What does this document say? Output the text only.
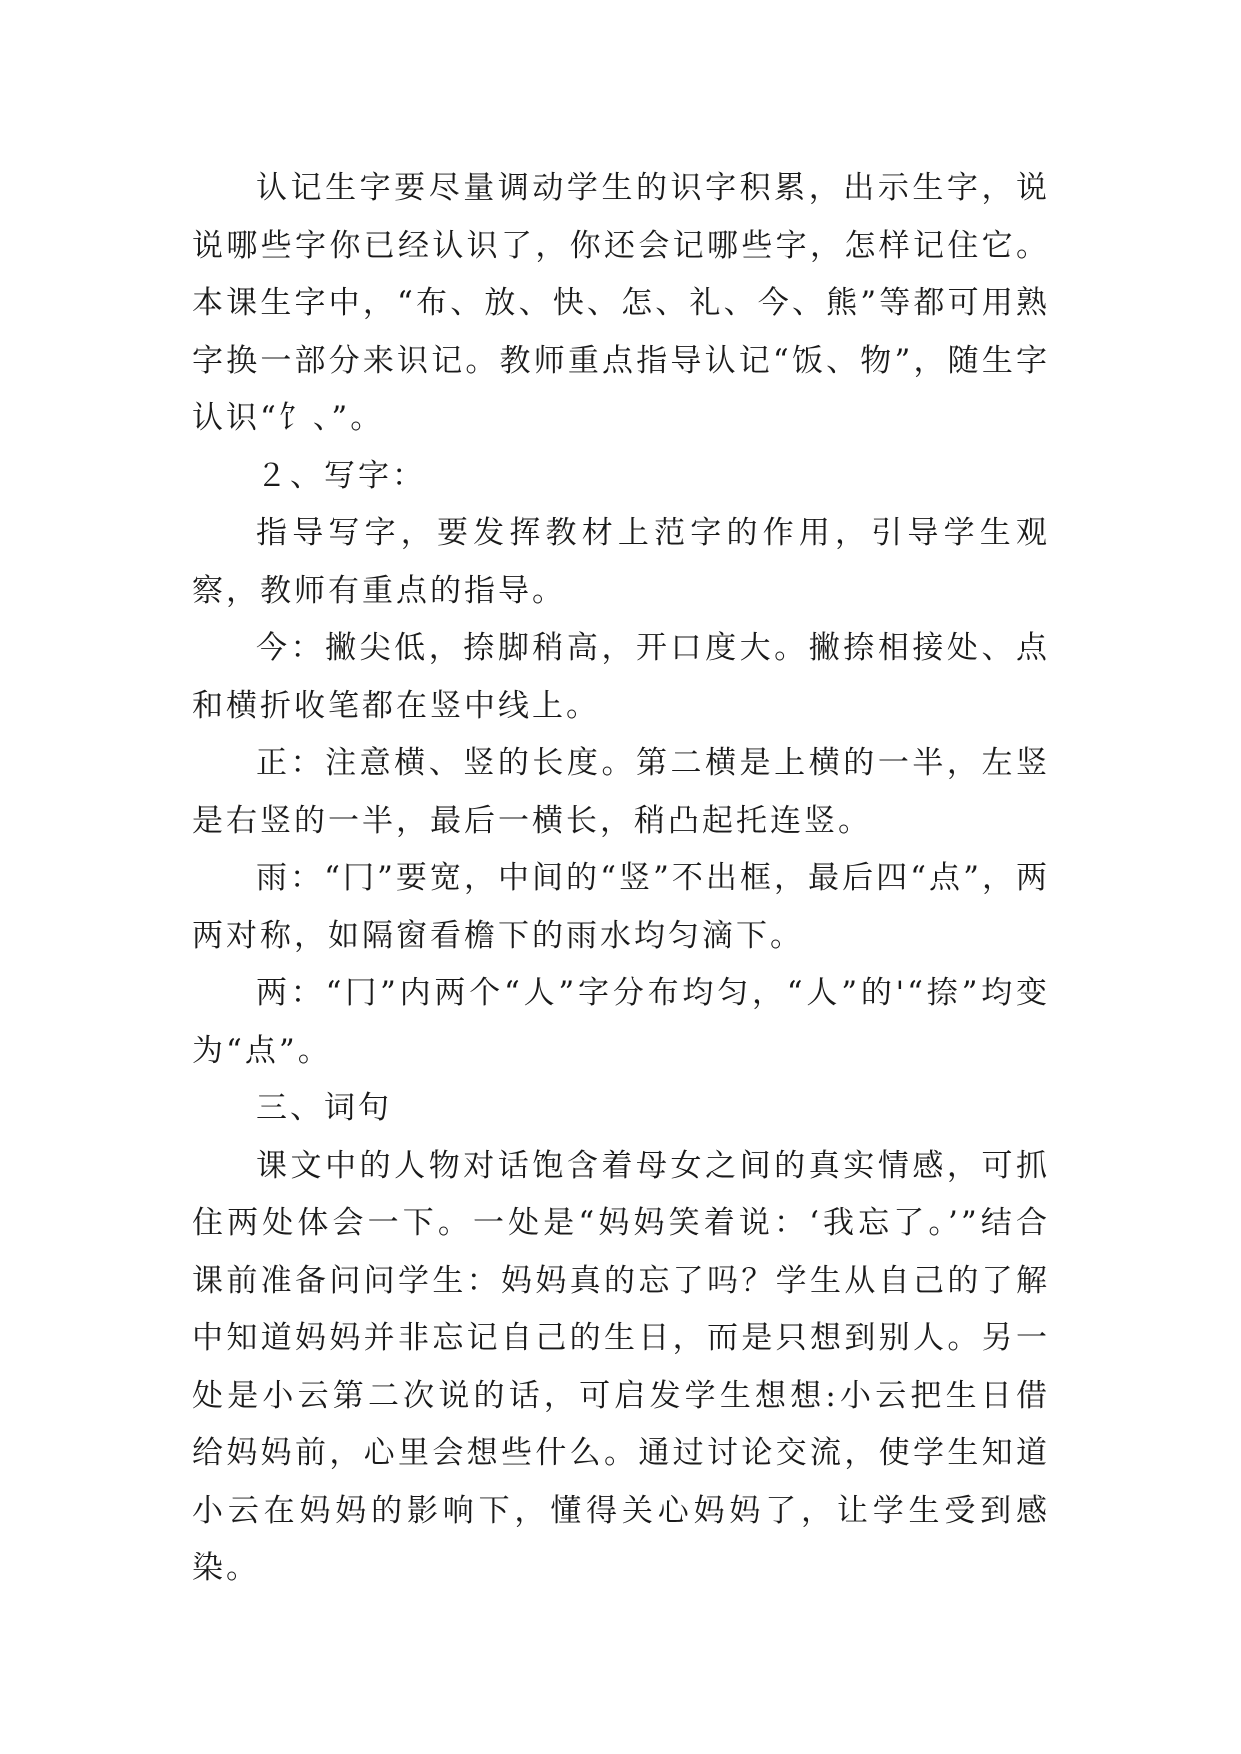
认记生字要尽量调动学生的识字积累，出示生字，说说哪些字你已经认识了，你还会记哪些字，怎样记住它。本课生字中，“布、放、快、怎、礼、今、熊”等都可用熟字换一部分来识记。教师重点指导认记“饭、物”，随生字认识“饣、”。

２、写字：

指导写字，要发挥教材上范字的作用，引导学生观察，教师有重点的指导。

今：撇尖低，捺脚稍高，开口度大。撇捺相接处、点和横折收笔都在竖中线上。

正：注意横、竖的长度。第二横是上横的一半，左竖是右竖的一半，最后一横长，稍凸起托连竖。

雨：“冂”要宽，中间的“竖”不出框，最后四“点”，两两对称，如隔窗看檐下的雨水均匀滴下。

两：“冂”内两个“人”字分布均匀，“人”的'“捺”均变为“点”。

三、词句

课文中的人物对话饱含着母女之间的真实情感，可抓住两处体会一下。一处是“妈妈笑着说：‘我忘了。’”结合课前准备问问学生：妈妈真的忘了吗？学生从自己的了解中知道妈妈并非忘记自己的生日，而是只想到别人。另一处是小云第二次说的话，可启发学生想想:小云把生日借给妈妈前，心里会想些什么。通过讨论交流，使学生知道小云在妈妈的影响下，懂得关心妈妈了，让学生受到感染。
